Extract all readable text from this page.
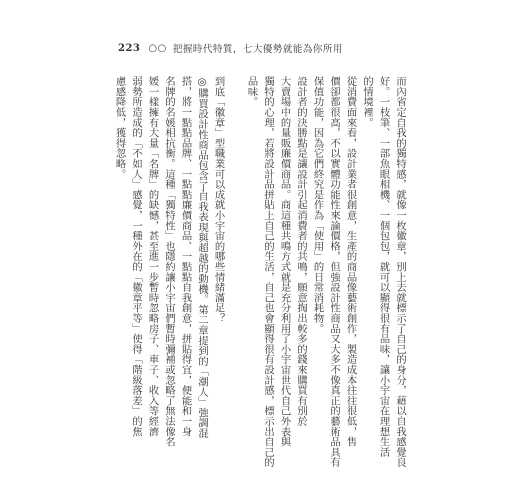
223 ○○ 把握時代特質，七大優勢就能為你所用

而內省定自我的獨特感，就像一枚徽章，別上去就標示了自己的身分，藉以自我感覺良

好。一枝筆、一部魚眼相機、一個包包，就可以顯得很有品味，讓小宇宙在理想生活

的情境裡。

從消費面來看，設計業者很創意，生產的商品像藝術創作，製造成本往往很低，售

價卻都很高，不以實體功能性來論價格，但強設計性商品又大多不像真正的藝術品具有

保值功能，因為它們終究是作為「使用」的日常消耗物。

設計者的決勝點是讓設計引起消費者的共鳴，願意掏出較多的錢來購買有別於

大賣場中的量販廉價商品。商這種共鳴方式就是充分利用了小宇宙世代自己外表與

獨特的心理，若將設計品拼貼上自己的生活，自己也會顯得很有設計感，標示出自己的

品味。

到底「徽章」型職業可以成就小宇宙的哪些情緒滿足？

◎購買設計性商品包含了自我表現與超越的動機。第二章提到的「潮人」強調混

搭，將一點點品牌、一點點廉價商品、一點點自我創意，拼貼得宜，便能和一身

名牌的名媛相抗衡。這種「獨特性」也隱約讓小宇宙們暫時彌補或忽略了無法像名

媛一樣擁有大量「名牌」的缺憾，甚至進一步暫時忽略房子、車子、收入等經濟

弱勢所造成的「不如人」感覺，一種外在的「徽章平等」使得「階級落差」的焦

慮感降低，獲得忽略。
